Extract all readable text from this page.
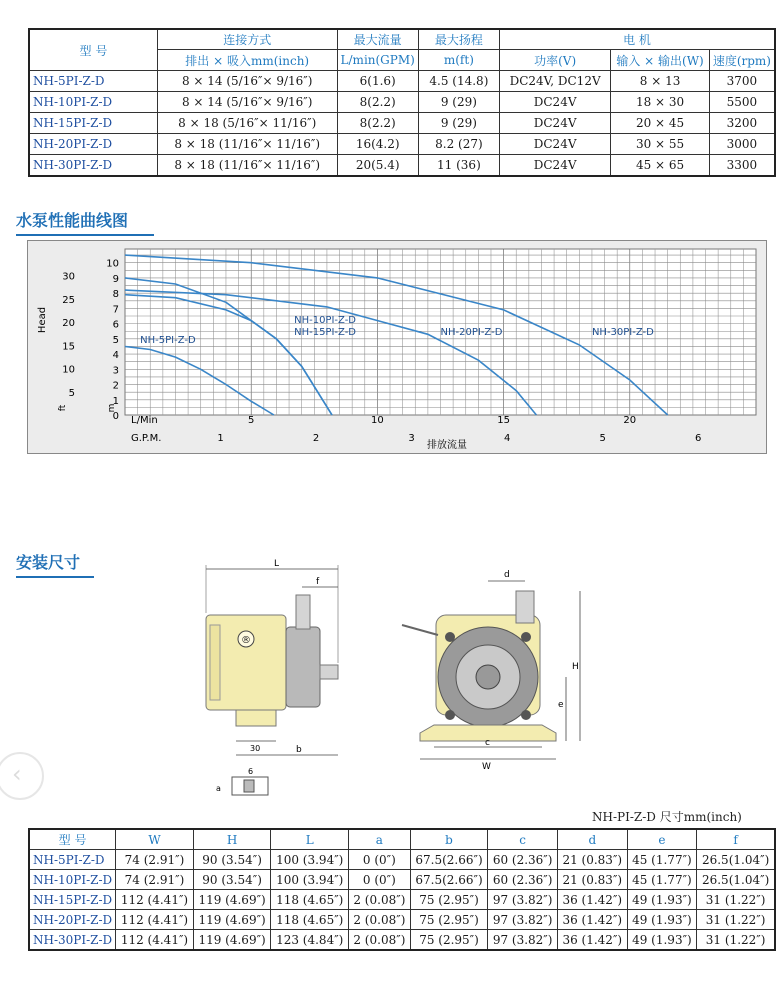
型 号	连接方式	最大流量	最大扬程	电 机		
	排出 × 吸入mm(inch)	L/min(GPM)	m(ft)	功率(V)	输入 × 输出(W)	速度(rpm)
NH-5PI-Z-D	8 × 14 (5/16″× 9/16″)	6(1.6)	4.5 (14.8)	DC24V, DC12V	8 × 13	3700
NH-10PI-Z-D	8 × 14 (5/16″× 9/16″)	8(2.2)	9 (29)	DC24V	18 × 30	5500
NH-15PI-Z-D	8 × 18 (5/16″× 11/16″)	8(2.2)	9 (29)	DC24V	20 × 45	3200
NH-20PI-Z-D	8 × 18 (11/16″× 11/16″)	16(4.2)	8.2 (27)	DC24V	30 × 55	3000
NH-30PI-Z-D	8 × 18 (11/16″× 11/16″)	20(5.4)	11 (36)	DC24V	45 × 65	3300
水泵性能曲线图
Head
ft	m
L/Min
G.P.M.
排放流量
1
2
3
4
5
6
7
8
9
10
5
10
15
20
25
30
0	5	10	15	20
1	2	3	4	5	6
NH-5PI-Z-D
NH-10PI-Z-D
NH-15PI-Z-D	NH-20PI-Z-D	NH-30PI-Z-D
安装尺寸
®
L
f
b
30
6
a
d
H
e
c
W
NH-PI-Z-D 尺寸mm(inch)
‹
型 号	W	H	L	a	b	c	d	e	f
NH-5PI-Z-D	74 (2.91″)	90 (3.54″)	100 (3.94″)	0 (0″)	67.5(2.66″)	60 (2.36″)	21 (0.83″)	45 (1.77″)	26.5(1.04″)
NH-10PI-Z-D	74 (2.91″)	90 (3.54″)	100 (3.94″)	0 (0″)	67.5(2.66″)	60 (2.36″)	21 (0.83″)	45 (1.77″)	26.5(1.04″)
NH-15PI-Z-D	112 (4.41″)	119 (4.69″)	118 (4.65″)	2 (0.08″)	75 (2.95″)	97 (3.82″)	36 (1.42″)	49 (1.93″)	31 (1.22″)
NH-20PI-Z-D	112 (4.41″)	119 (4.69″)	118 (4.65″)	2 (0.08″)	75 (2.95″)	97 (3.82″)	36 (1.42″)	49 (1.93″)	31 (1.22″)
NH-30PI-Z-D	112 (4.41″)	119 (4.69″)	123 (4.84″)	2 (0.08″)	75 (2.95″)	97 (3.82″)	36 (1.42″)	49 (1.93″)	31 (1.22″)
